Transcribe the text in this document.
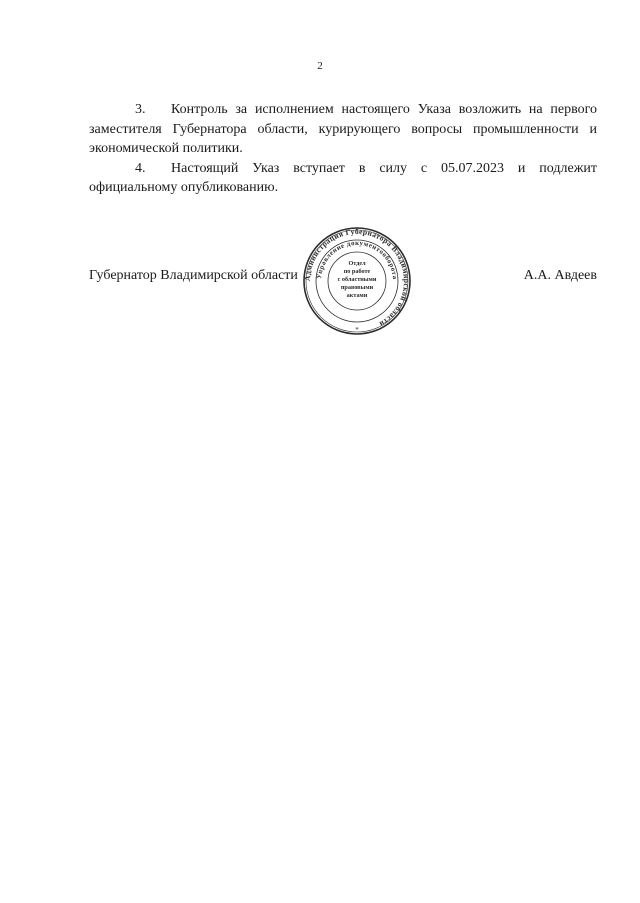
2

3. Контроль за исполнением настоящего Указа возложить на первого заместителя Губернатора области, курирующего вопросы промышленности и экономической политики.

4. Настоящий Указ вступает в силу с 05.07.2023 и подлежит официальному опубликованию.

Губернатор Владимирской области	А.А. Авдеев
Администрация Губернатора Владимирской области
Управление документооборота
Отдел
по работе
с областными
правовыми
актами
*
